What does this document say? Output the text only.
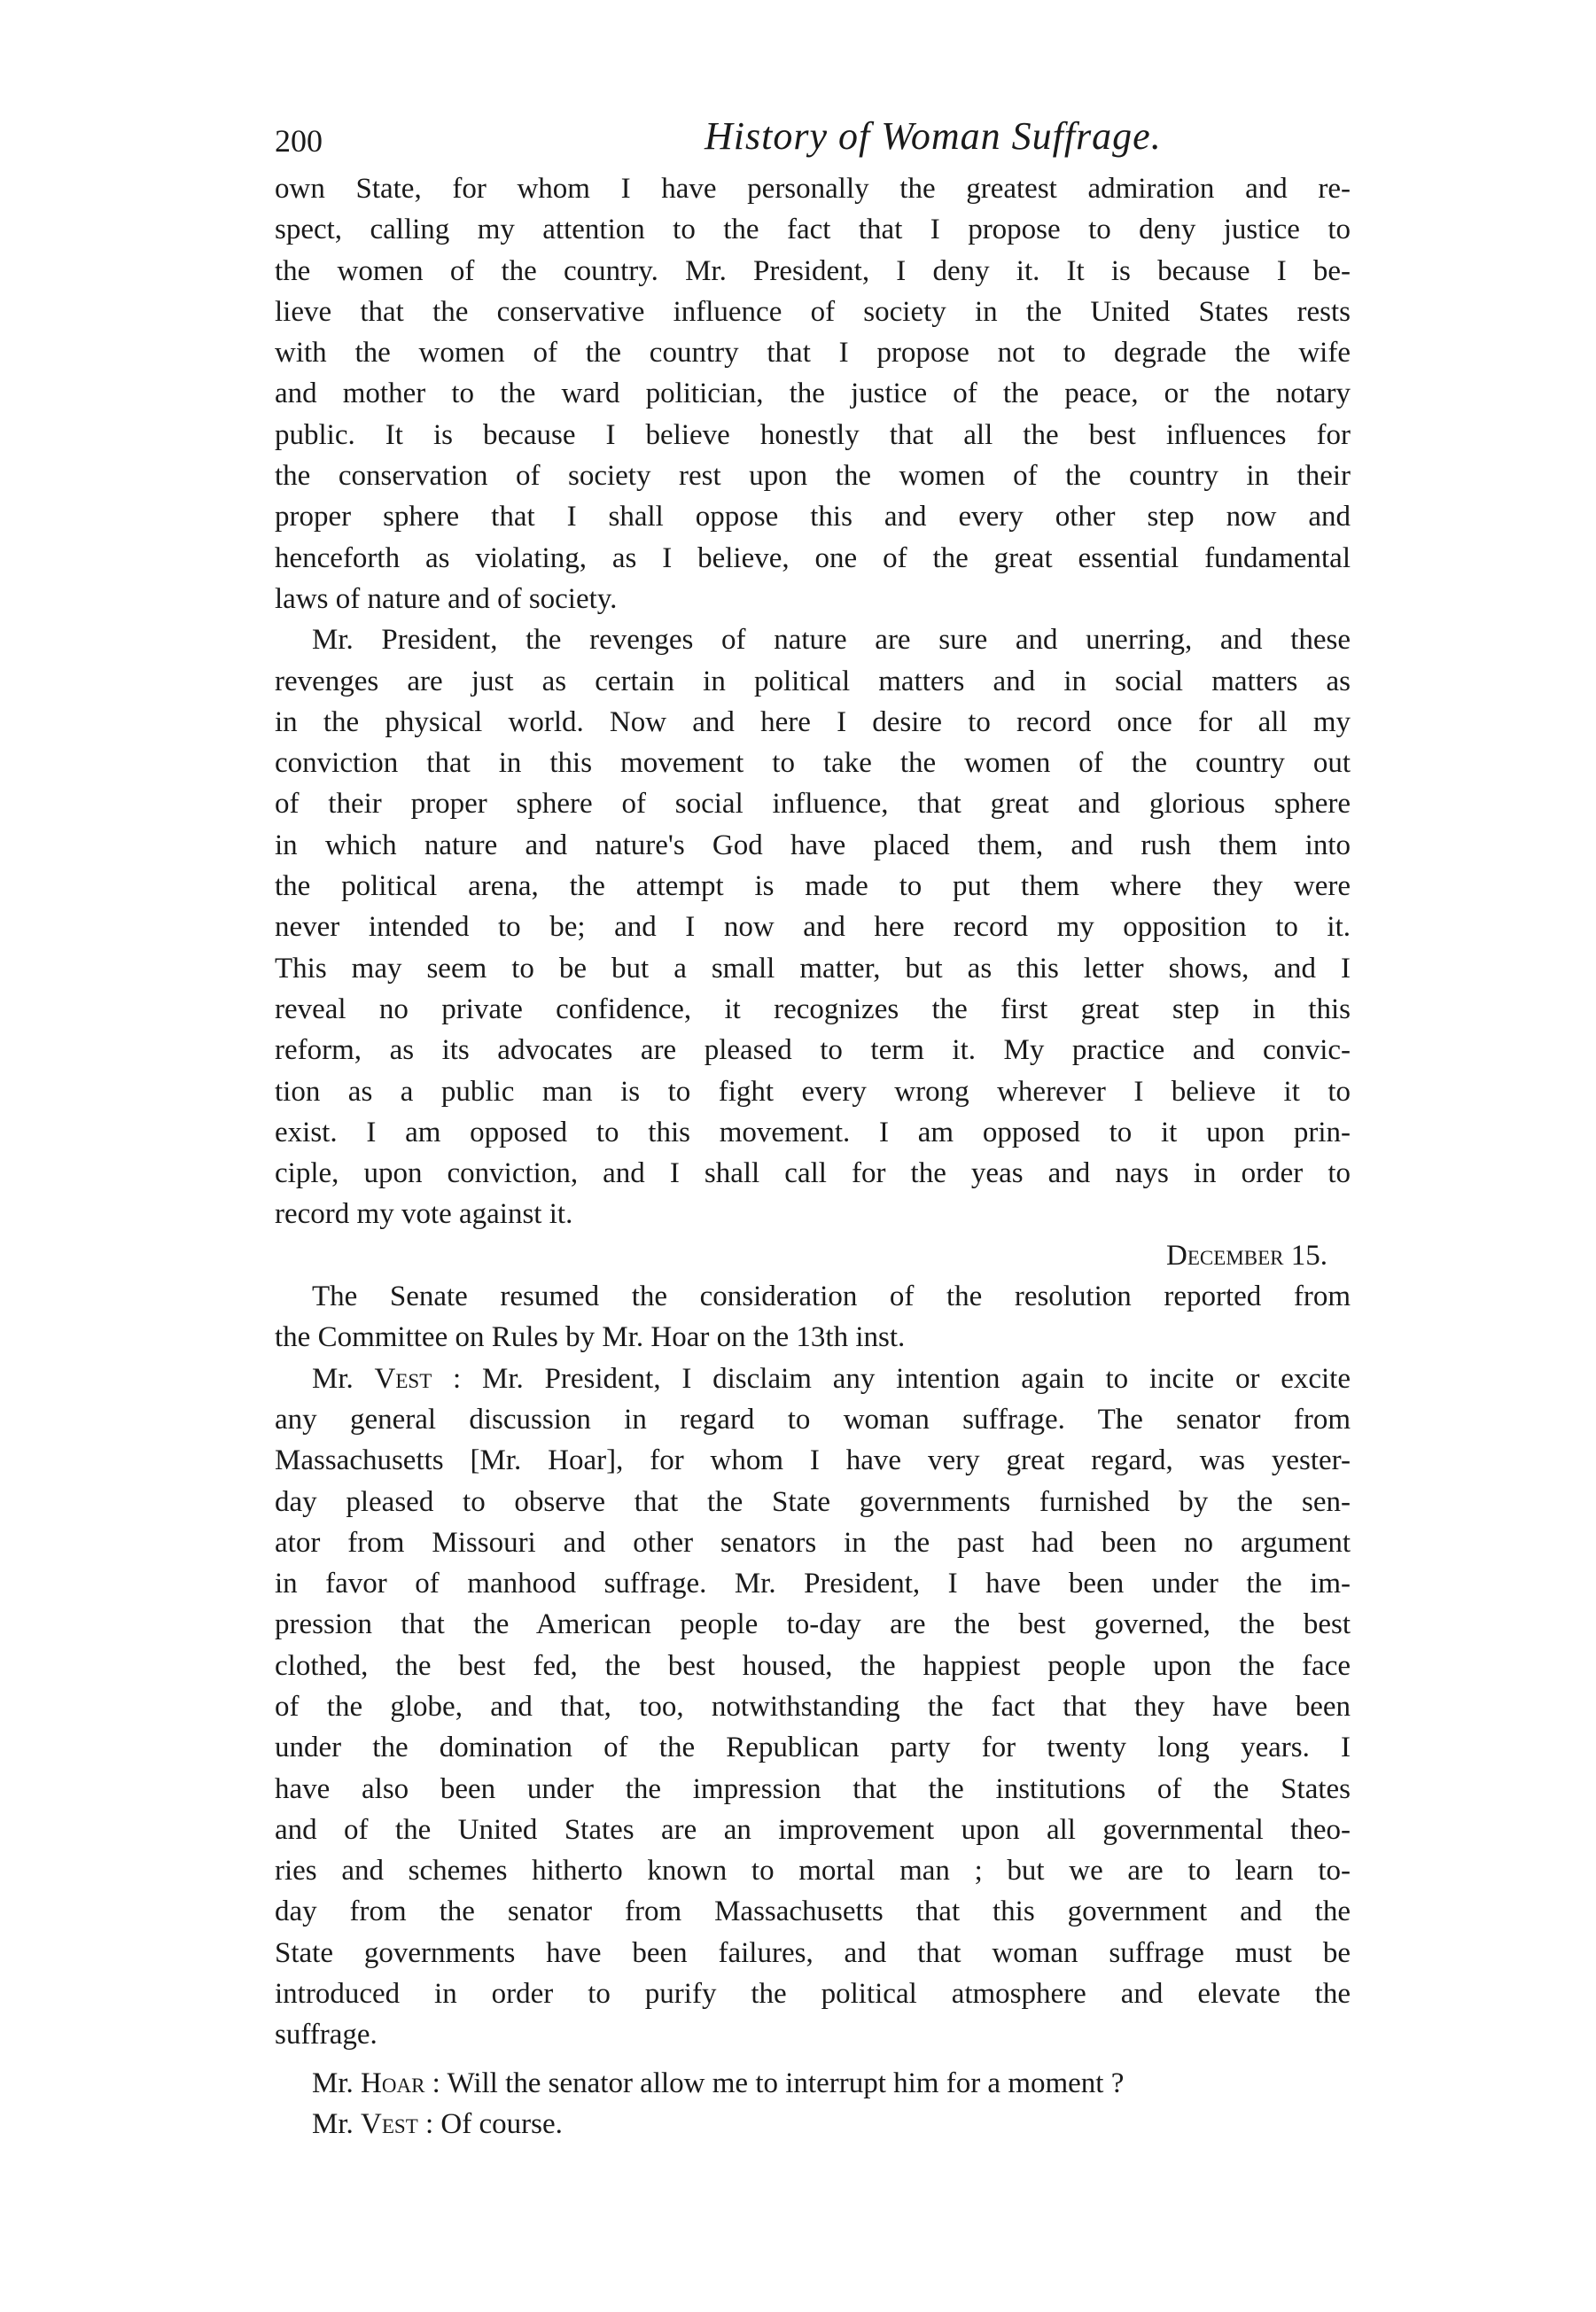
200	History of Woman Suffrage.
own State, for whom I have personally the greatest admiration and re-
spect, calling my attention to the fact that I propose to deny justice to
the women of the country. Mr. President, I deny it. It is because I be-
lieve that the conservative influence of society in the United States rests
with the women of the country that I propose not to degrade the wife
and mother to the ward politician, the justice of the peace, or the notary
public. It is because I believe honestly that all the best influences for
the conservation of society rest upon the women of the country in their
proper sphere that I shall oppose this and every other step now and
henceforth as violating, as I believe, one of the great essential fundamental
laws of nature and of society.
Mr. President, the revenges of nature are sure and unerring, and these
revenges are just as certain in political matters and in social matters as
in the physical world. Now and here I desire to record once for all my
conviction that in this movement to take the women of the country out
of their proper sphere of social influence, that great and glorious sphere
in which nature and nature's God have placed them, and rush them into
the political arena, the attempt is made to put them where they were
never intended to be; and I now and here record my opposition to it.
This may seem to be but a small matter, but as this letter shows, and I
reveal no private confidence, it recognizes the first great step in this
reform, as its advocates are pleased to term it. My practice and convic-
tion as a public man is to fight every wrong wherever I believe it to
exist. I am opposed to this movement. I am opposed to it upon prin-
ciple, upon conviction, and I shall call for the yeas and nays in order to
record my vote against it.
December 15.
The Senate resumed the consideration of the resolution reported from
the Committee on Rules by Mr. Hoar on the 13th inst.
Mr. Vest : Mr. President, I disclaim any intention again to incite or excite
any general discussion in regard to woman suffrage. The senator from
Massachusetts [Mr. Hoar], for whom I have very great regard, was yester-
day pleased to observe that the State governments furnished by the sen-
ator from Missouri and other senators in the past had been no argument
in favor of manhood suffrage. Mr. President, I have been under the im-
pression that the American people to-day are the best governed, the best
clothed, the best fed, the best housed, the happiest people upon the face
of the globe, and that, too, notwithstanding the fact that they have been
under the domination of the Republican party for twenty long years. I
have also been under the impression that the institutions of the States
and of the United States are an improvement upon all governmental theo-
ries and schemes hitherto known to mortal man ; but we are to learn to-
day from the senator from Massachusetts that this government and the
State governments have been failures, and that woman suffrage must be
introduced in order to purify the political atmosphere and elevate the
suffrage.
Mr. Hoar : Will the senator allow me to interrupt him for a moment ?
Mr. Vest : Of course.
